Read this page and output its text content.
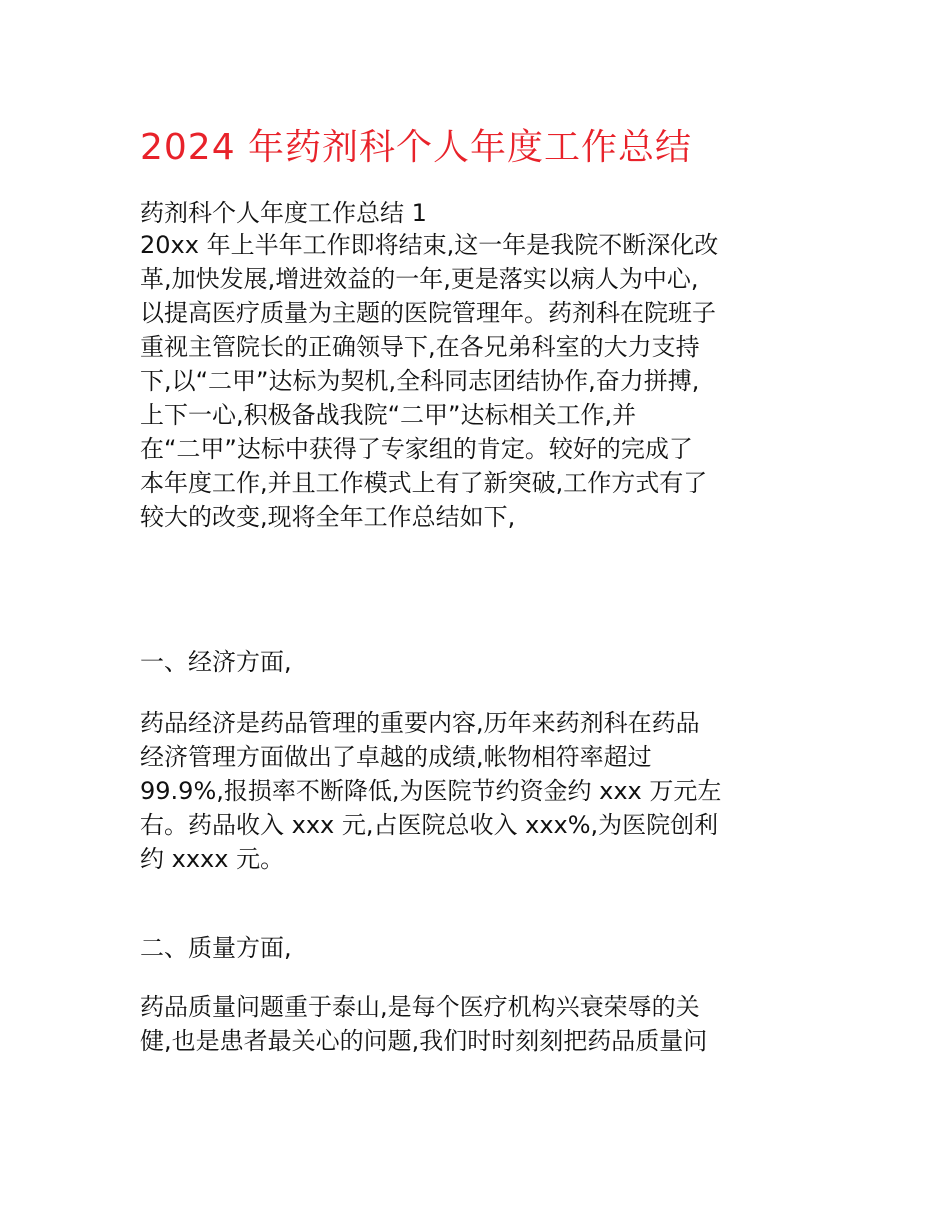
2024 年药剂科个人年度工作总结
药剂科个人年度工作总结 1
20xx 年上半年工作即将结束,这一年是我院不断深化改
革,加快发展,增进效益的一年,更是落实以病人为中心,
以提高医疗质量为主题的医院管理年。药剂科在院班子
重视主管院长的正确领导下,在各兄弟科室的大力支持
下,以“二甲”达标为契机,全科同志团结协作,奋力拼搏,
上下一心,积极备战我院“二甲”达标相关工作,并
在“二甲”达标中获得了专家组的肯定。较好的完成了
本年度工作,并且工作模式上有了新突破,工作方式有了
较大的改变,现将全年工作总结如下,
一、经济方面,
药品经济是药品管理的重要内容,历年来药剂科在药品
经济管理方面做出了卓越的成绩,帐物相符率超过
99.9%,报损率不断降低,为医院节约资金约 xxx 万元左
右。药品收入 xxx 元,占医院总收入 xxx%,为医院创利
约 xxxx 元。
二、质量方面,
药品质量问题重于泰山,是每个医疗机构兴衰荣辱的关
健,也是患者最关心的问题,我们时时刻刻把药品质量问
